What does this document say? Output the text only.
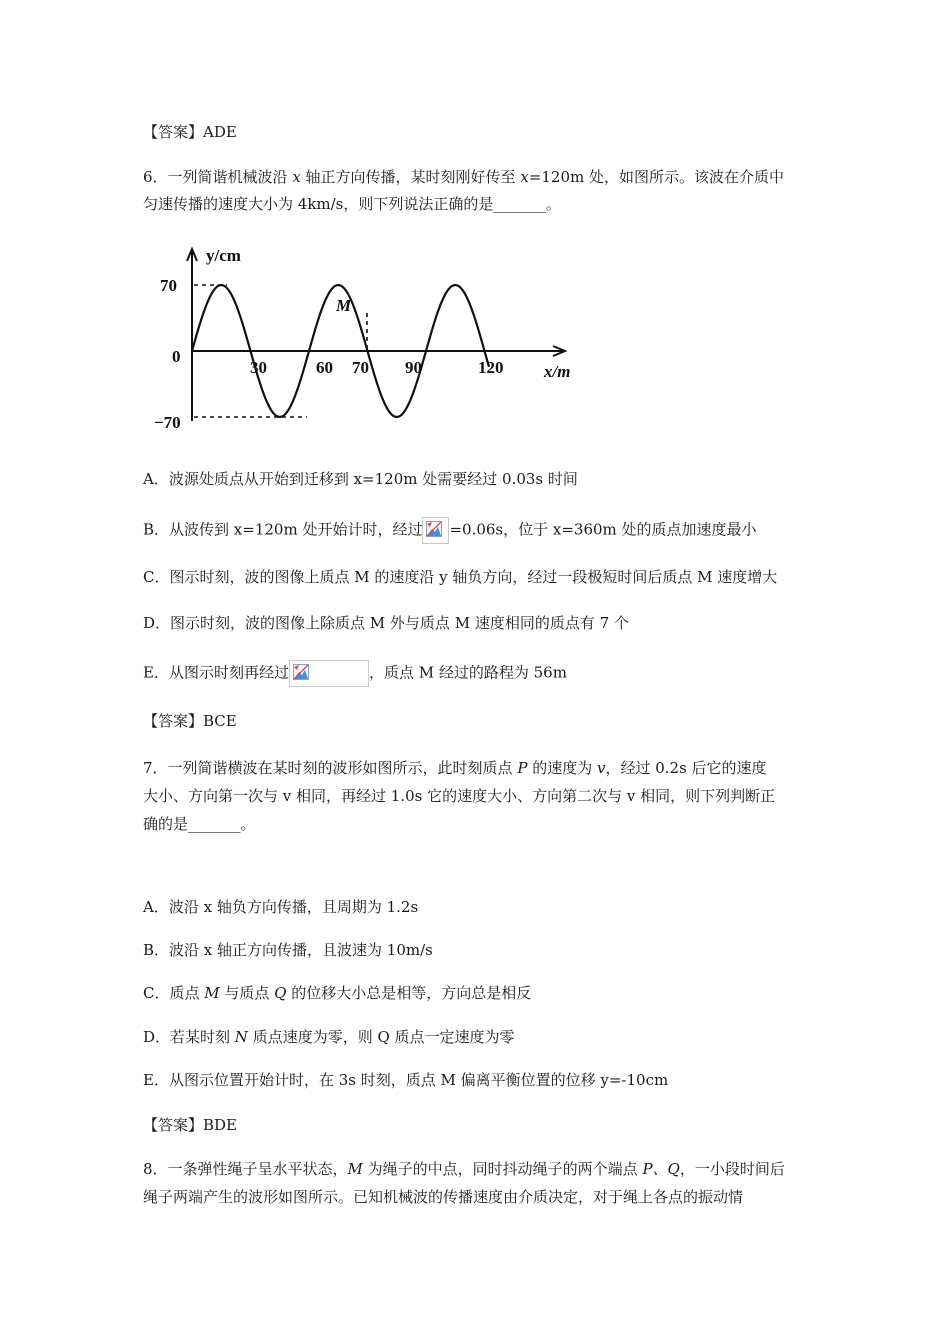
【答案】ADE
6．一列简谐机械波沿 x 轴正方向传播，某时刻刚好传至 x=120m 处，如图所示。该波在介质中
匀速传播的速度大小为 4km/s，则下列说法正确的是_______。
y/cm
x/m
70
0
−70
30	60 70 90	120
M
A．波源处质点从开始到迁移到 x=120m 处需要经过 0.03s 时间
B．从波传到 x=120m 处开始计时，经过 =0.06s，位于 x=360m 处的质点加速度最小
C．图示时刻，波的图像上质点 M 的速度沿 y 轴负方向，经过一段极短时间后质点 M 速度增大
D．图示时刻，波的图像上除质点 M 外与质点 M 速度相同的质点有 7 个
E．从图示时刻再经过	，质点 M 经过的路程为 56m
【答案】BCE
7．一列简谐横波在某时刻的波形如图所示，此时刻质点 P 的速度为 v，经过 0.2s 后它的速度
大小、方向第一次与 v 相同，再经过 1.0s 它的速度大小、方向第二次与 v 相同，则下列判断正
确的是_______。
A．波沿 x 轴负方向传播，且周期为 1.2s
B．波沿 x 轴正方向传播，且波速为 10m/s
C．质点 M 与质点 Q 的位移大小总是相等，方向总是相反
D．若某时刻 N 质点速度为零，则 Q 质点一定速度为零
E．从图示位置开始计时，在 3s 时刻，质点 M 偏离平衡位置的位移 y=-10cm
【答案】BDE
8．一条弹性绳子呈水平状态，M 为绳子的中点，同时抖动绳子的两个端点 P、Q，一小段时间后
绳子两端产生的波形如图所示。已知机械波的传播速度由介质决定，对于绳上各点的振动情
